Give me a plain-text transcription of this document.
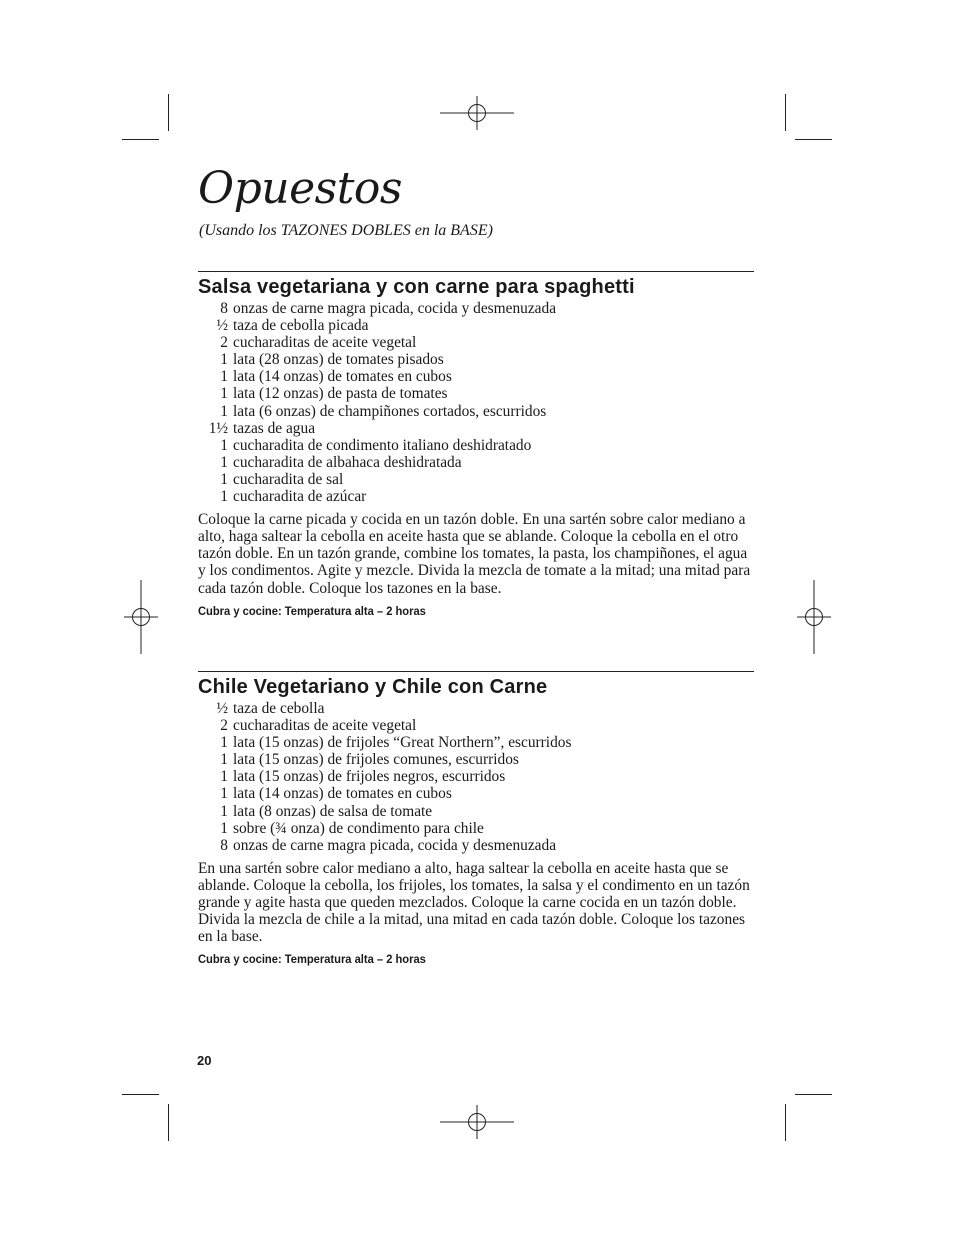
Opuestos
(Usando los TAZONES DOBLES en la BASE)
Salsa vegetariana y con carne para spaghetti
8 onzas de carne magra picada, cocida y desmenuzada
½ taza de cebolla picada
2 cucharaditas de aceite vegetal
1 lata (28 onzas) de tomates pisados
1 lata (14 onzas) de tomates en cubos
1 lata (12 onzas) de pasta de tomates
1 lata (6 onzas) de champiñones cortados, escurridos
1½ tazas de agua
1 cucharadita de condimento italiano deshidratado
1 cucharadita de albahaca deshidratada
1 cucharadita de sal
1 cucharadita de azúcar

Coloque la carne picada y cocida en un tazón doble. En una sartén sobre calor mediano a alto, haga saltear la cebolla en aceite hasta que se ablande. Coloque la cebolla en el otro tazón doble. En un tazón grande, combine los tomates, la pasta, los champiñones, el agua y los condimentos. Agite y mezcle. Divida la mezcla de tomate a la mitad; una mitad para cada tazón doble. Coloque los tazones en la base.

Cubra y cocine: Temperatura alta – 2 horas

Chile Vegetariano y Chile con Carne
½ taza de cebolla
2 cucharaditas de aceite vegetal
1 lata (15 onzas) de frijoles “Great Northern”, escurridos
1 lata (15 onzas) de frijoles comunes, escurridos
1 lata (15 onzas) de frijoles negros, escurridos
1 lata (14 onzas) de tomates en cubos
1 lata (8 onzas) de salsa de tomate
1 sobre (¾ onza) de condimento para chile
8 onzas de carne magra picada, cocida y desmenuzada

En una sartén sobre calor mediano a alto, haga saltear la cebolla en aceite hasta que se ablande. Coloque la cebolla, los frijoles, los tomates, la salsa y el condimento en un tazón grande y agite hasta que queden mezclados. Coloque la carne cocida en un tazón doble. Divida la mezcla de chile a la mitad, una mitad en cada tazón doble. Coloque los tazones en la base.

Cubra y cocine: Temperatura alta – 2 horas

20
